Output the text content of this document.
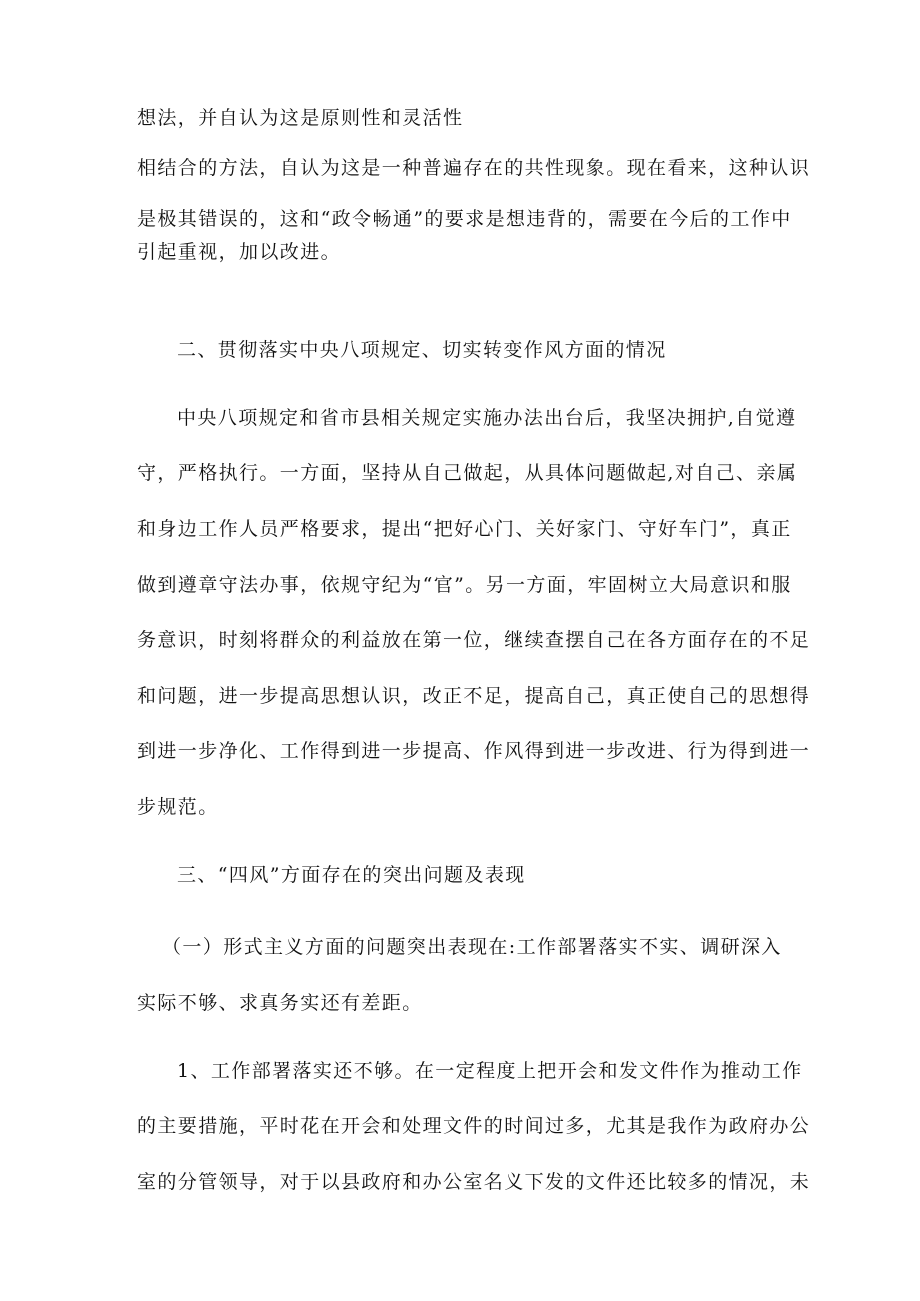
想法，并自认为这是原则性和灵活性
相结合的方法，自认为这是一种普遍存在的共性现象。现在看来，这种认识
是极其错误的，这和“政令畅通”的要求是想违背的，需要在今后的工作中
引起重视，加以改进。
二、贯彻落实中央八项规定、切实转变作风方面的情况
中央八项规定和省市县相关规定实施办法出台后，我坚决拥护,自觉遵
守，严格执行。一方面，坚持从自己做起，从具体问题做起,对自己、亲属
和身边工作人员严格要求，提出“把好心门、关好家门、守好车门”，真正
做到遵章守法办事，依规守纪为“官”。另一方面，牢固树立大局意识和服
务意识，时刻将群众的利益放在第一位，继续查摆自己在各方面存在的不足
和问题，进一步提高思想认识，改正不足，提高自己，真正使自己的思想得
到进一步净化、工作得到进一步提高、作风得到进一步改进、行为得到进一
步规范。
三、“四风”方面存在的突出问题及表现
（一）形式主义方面的问题突出表现在:工作部署落实不实、调研深入
实际不够、求真务实还有差距。
1、工作部署落实还不够。在一定程度上把开会和发文件作为推动工作
的主要措施，平时花在开会和处理文件的时间过多，尤其是我作为政府办公
室的分管领导，对于以县政府和办公室名义下发的文件还比较多的情况，未
